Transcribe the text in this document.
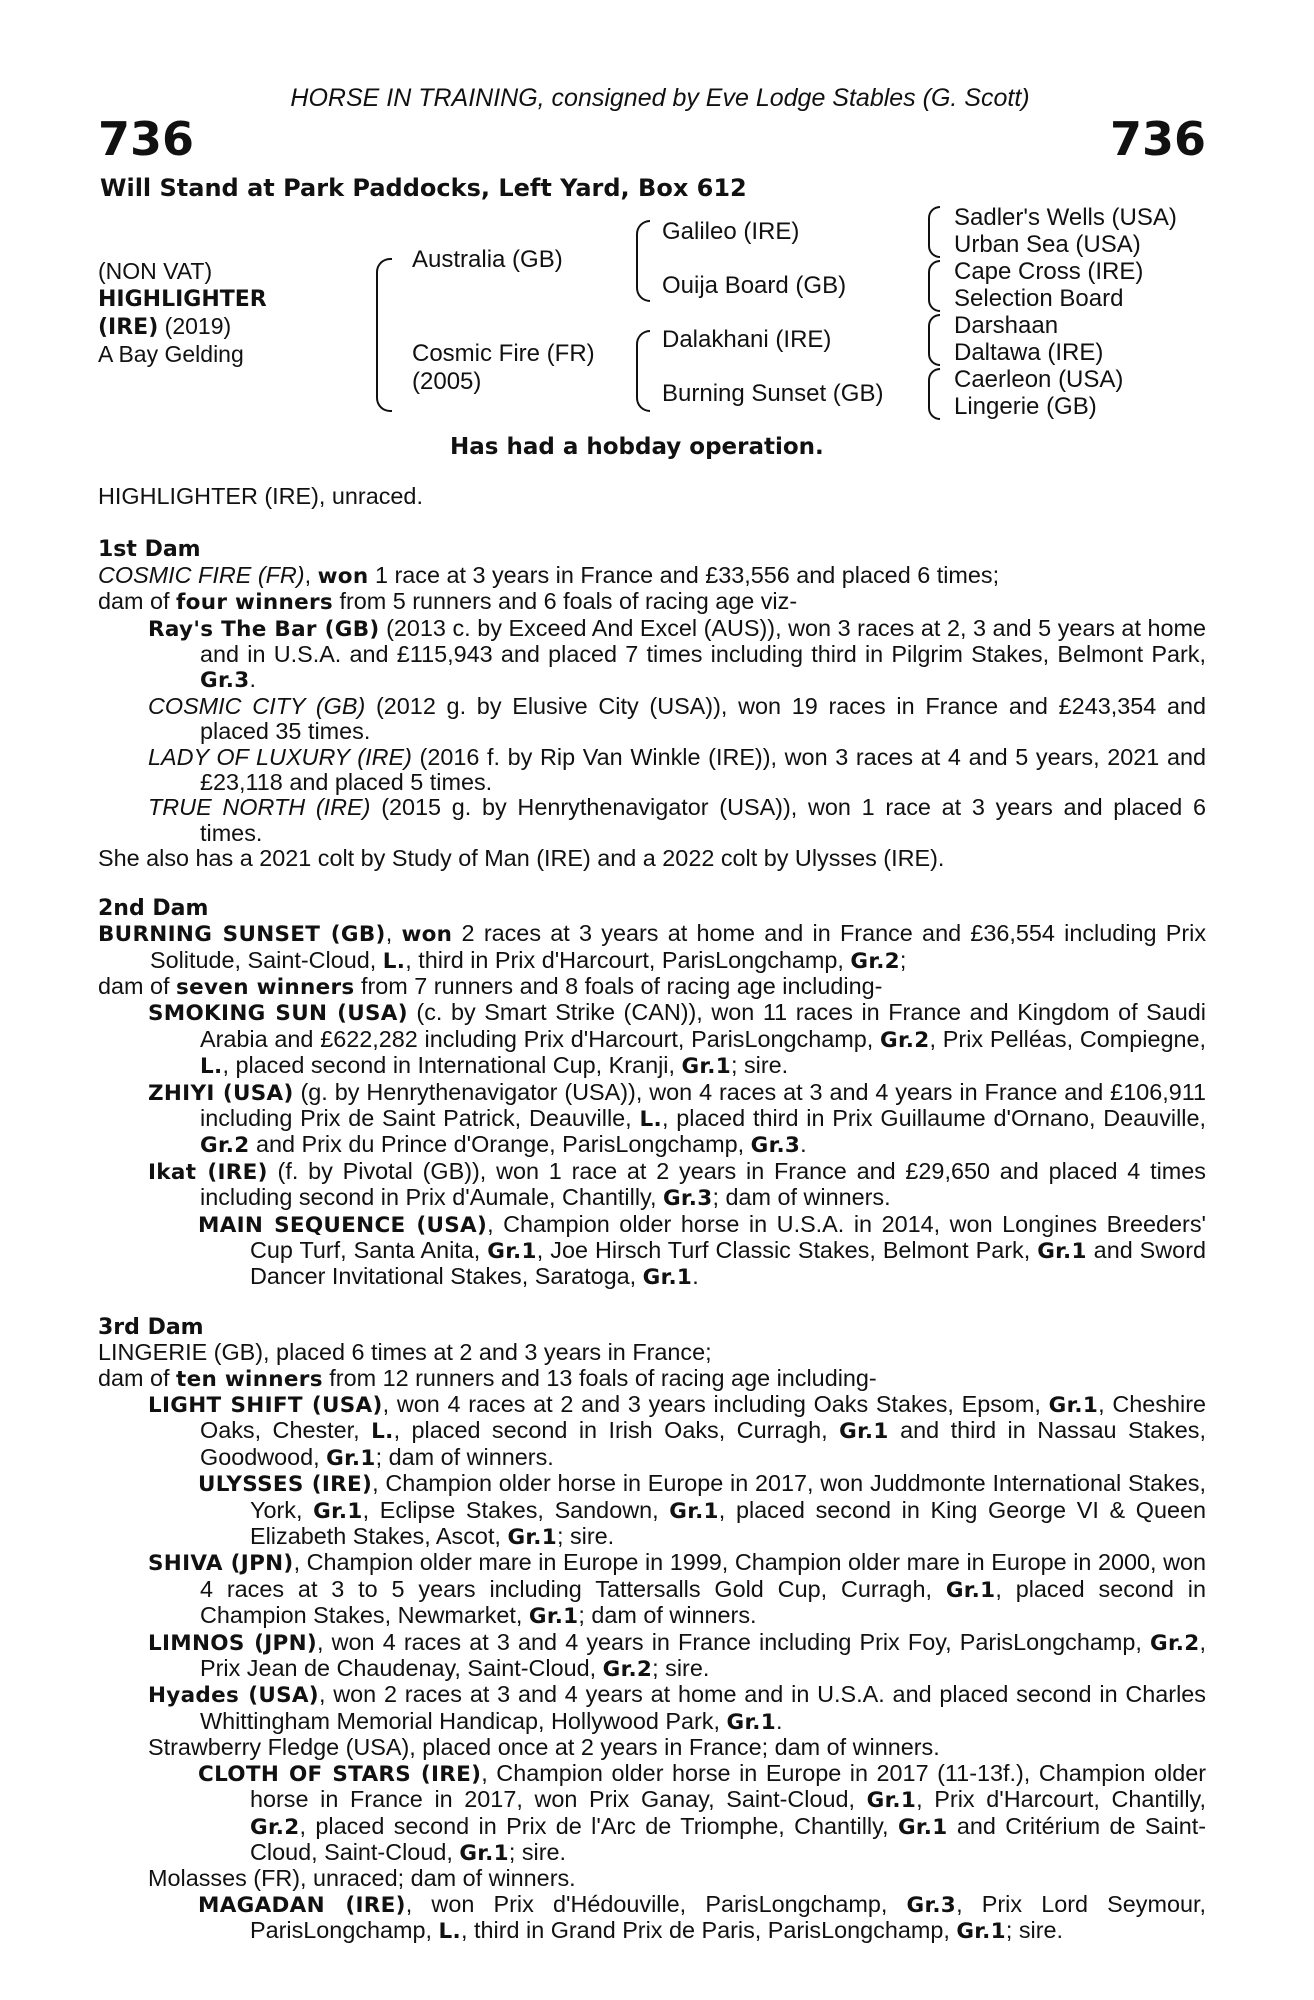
HORSE IN TRAINING, consigned by Eve Lodge Stables (G. Scott)
736	736
Will Stand at Park Paddocks, Left Yard, Box 612
(NON VAT)
HIGHLIGHTER
(IRE) (2019)
A Bay Gelding
Australia (GB)
Cosmic Fire (FR)
(2005)
Galileo (IRE)
Ouija Board (GB)
Dalakhani (IRE)
Burning Sunset (GB)
Sadler's Wells (USA)
Urban Sea (USA)
Cape Cross (IRE)
Selection Board
Darshaan
Daltawa (IRE)
Caerleon (USA)
Lingerie (GB)
Has had a hobday operation.
HIGHLIGHTER (IRE), unraced.
1st Dam
COSMIC FIRE (FR), won 1 race at 3 years in France and £33,556 and placed 6 times;
dam of four winners from 5 runners and 6 foals of racing age viz-
Ray's The Bar (GB) (2013 c. by Exceed And Excel (AUS)), won 3 races at 2, 3 and 5 years at home and in U.S.A. and £115,943 and placed 7 times including third in Pilgrim Stakes, Belmont Park, Gr.3.
COSMIC CITY (GB) (2012 g. by Elusive City (USA)), won 19 races in France and £243,354 and placed 35 times.
LADY OF LUXURY (IRE) (2016 f. by Rip Van Winkle (IRE)), won 3 races at 4 and 5 years, 2021 and £23,118 and placed 5 times.
TRUE NORTH (IRE) (2015 g. by Henrythenavigator (USA)), won 1 race at 3 years and placed 6 times.
She also has a 2021 colt by Study of Man (IRE) and a 2022 colt by Ulysses (IRE).
2nd Dam
BURNING SUNSET (GB), won 2 races at 3 years at home and in France and £36,554 including Prix Solitude, Saint-Cloud, L., third in Prix d'Harcourt, ParisLongchamp, Gr.2;
dam of seven winners from 7 runners and 8 foals of racing age including-
SMOKING SUN (USA) (c. by Smart Strike (CAN)), won 11 races in France and Kingdom of Saudi Arabia and £622,282 including Prix d'Harcourt, ParisLongchamp, Gr.2, Prix Pelléas, Compiegne, L., placed second in International Cup, Kranji, Gr.1; sire.
ZHIYI (USA) (g. by Henrythenavigator (USA)), won 4 races at 3 and 4 years in France and £106,911 including Prix de Saint Patrick, Deauville, L., placed third in Prix Guillaume d'Ornano, Deauville, Gr.2 and Prix du Prince d'Orange, ParisLongchamp, Gr.3.
Ikat (IRE) (f. by Pivotal (GB)), won 1 race at 2 years in France and £29,650 and placed 4 times including second in Prix d'Aumale, Chantilly, Gr.3; dam of winners.
MAIN SEQUENCE (USA), Champion older horse in U.S.A. in 2014, won Longines Breeders' Cup Turf, Santa Anita, Gr.1, Joe Hirsch Turf Classic Stakes, Belmont Park, Gr.1 and Sword Dancer Invitational Stakes, Saratoga, Gr.1.
3rd Dam
LINGERIE (GB), placed 6 times at 2 and 3 years in France;
dam of ten winners from 12 runners and 13 foals of racing age including-
LIGHT SHIFT (USA), won 4 races at 2 and 3 years including Oaks Stakes, Epsom, Gr.1, Cheshire Oaks, Chester, L., placed second in Irish Oaks, Curragh, Gr.1 and third in Nassau Stakes, Goodwood, Gr.1; dam of winners.
ULYSSES (IRE), Champion older horse in Europe in 2017, won Juddmonte International Stakes, York, Gr.1, Eclipse Stakes, Sandown, Gr.1, placed second in King George VI & Queen Elizabeth Stakes, Ascot, Gr.1; sire.
SHIVA (JPN), Champion older mare in Europe in 1999, Champion older mare in Europe in 2000, won 4 races at 3 to 5 years including Tattersalls Gold Cup, Curragh, Gr.1, placed second in Champion Stakes, Newmarket, Gr.1; dam of winners.
LIMNOS (JPN), won 4 races at 3 and 4 years in France including Prix Foy, ParisLongchamp, Gr.2, Prix Jean de Chaudenay, Saint-Cloud, Gr.2; sire.
Hyades (USA), won 2 races at 3 and 4 years at home and in U.S.A. and placed second in Charles Whittingham Memorial Handicap, Hollywood Park, Gr.1.
Strawberry Fledge (USA), placed once at 2 years in France; dam of winners.
CLOTH OF STARS (IRE), Champion older horse in Europe in 2017 (11-13f.), Champion older horse in France in 2017, won Prix Ganay, Saint-Cloud, Gr.1, Prix d'Harcourt, Chantilly, Gr.2, placed second in Prix de l'Arc de Triomphe, Chantilly, Gr.1 and Critérium de Saint-Cloud, Saint-Cloud, Gr.1; sire.
Molasses (FR), unraced; dam of winners.
MAGADAN (IRE), won Prix d'Hédouville, ParisLongchamp, Gr.3, Prix Lord Seymour, ParisLongchamp, L., third in Grand Prix de Paris, ParisLongchamp, Gr.1; sire.
